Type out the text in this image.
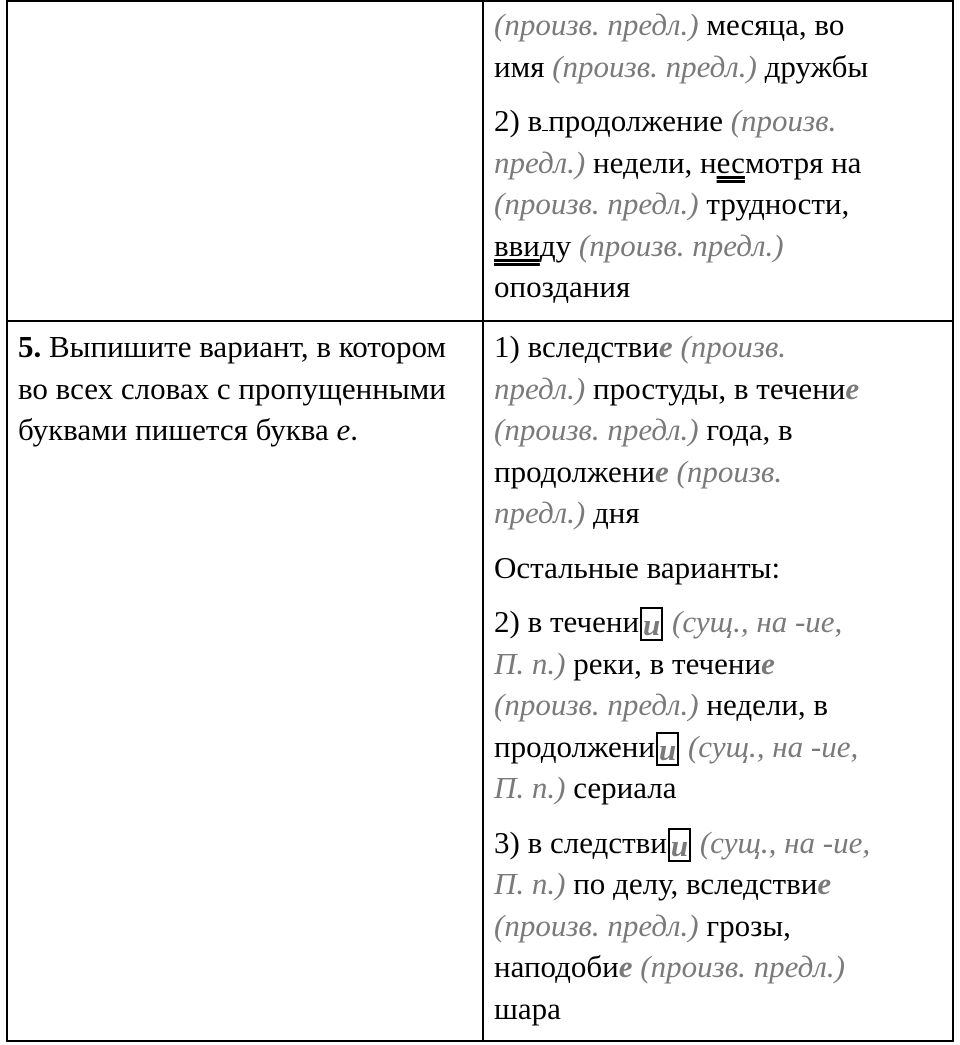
(произв. предл.) месяца, во

имя (произв. предл.) дружбы

2) в продолжение (произв.

предл.) недели, несмотря на

(произв. предл.) трудности,

ввиду (произв. предл.)

опоздания

5. Выпишите вариант, в котором во всех словах с пропущенными буквами пишется буква е.

1) вследствие (произв.

предл.) простуды, в течение

(произв. предл.) года, в

продолжение (произв.

предл.) дня

Остальные варианты:

2) в течени и (сущ., на -ие,

П. п.) реки, в течение

(произв. предл.) недели, в

продолжени и (сущ., на -ие,

П. п.) сериала

3) в следстви и (сущ., на -ие,

П. п.) по делу, вследствие

(произв. предл.) грозы,

наподобие (произв. предл.)

шара
